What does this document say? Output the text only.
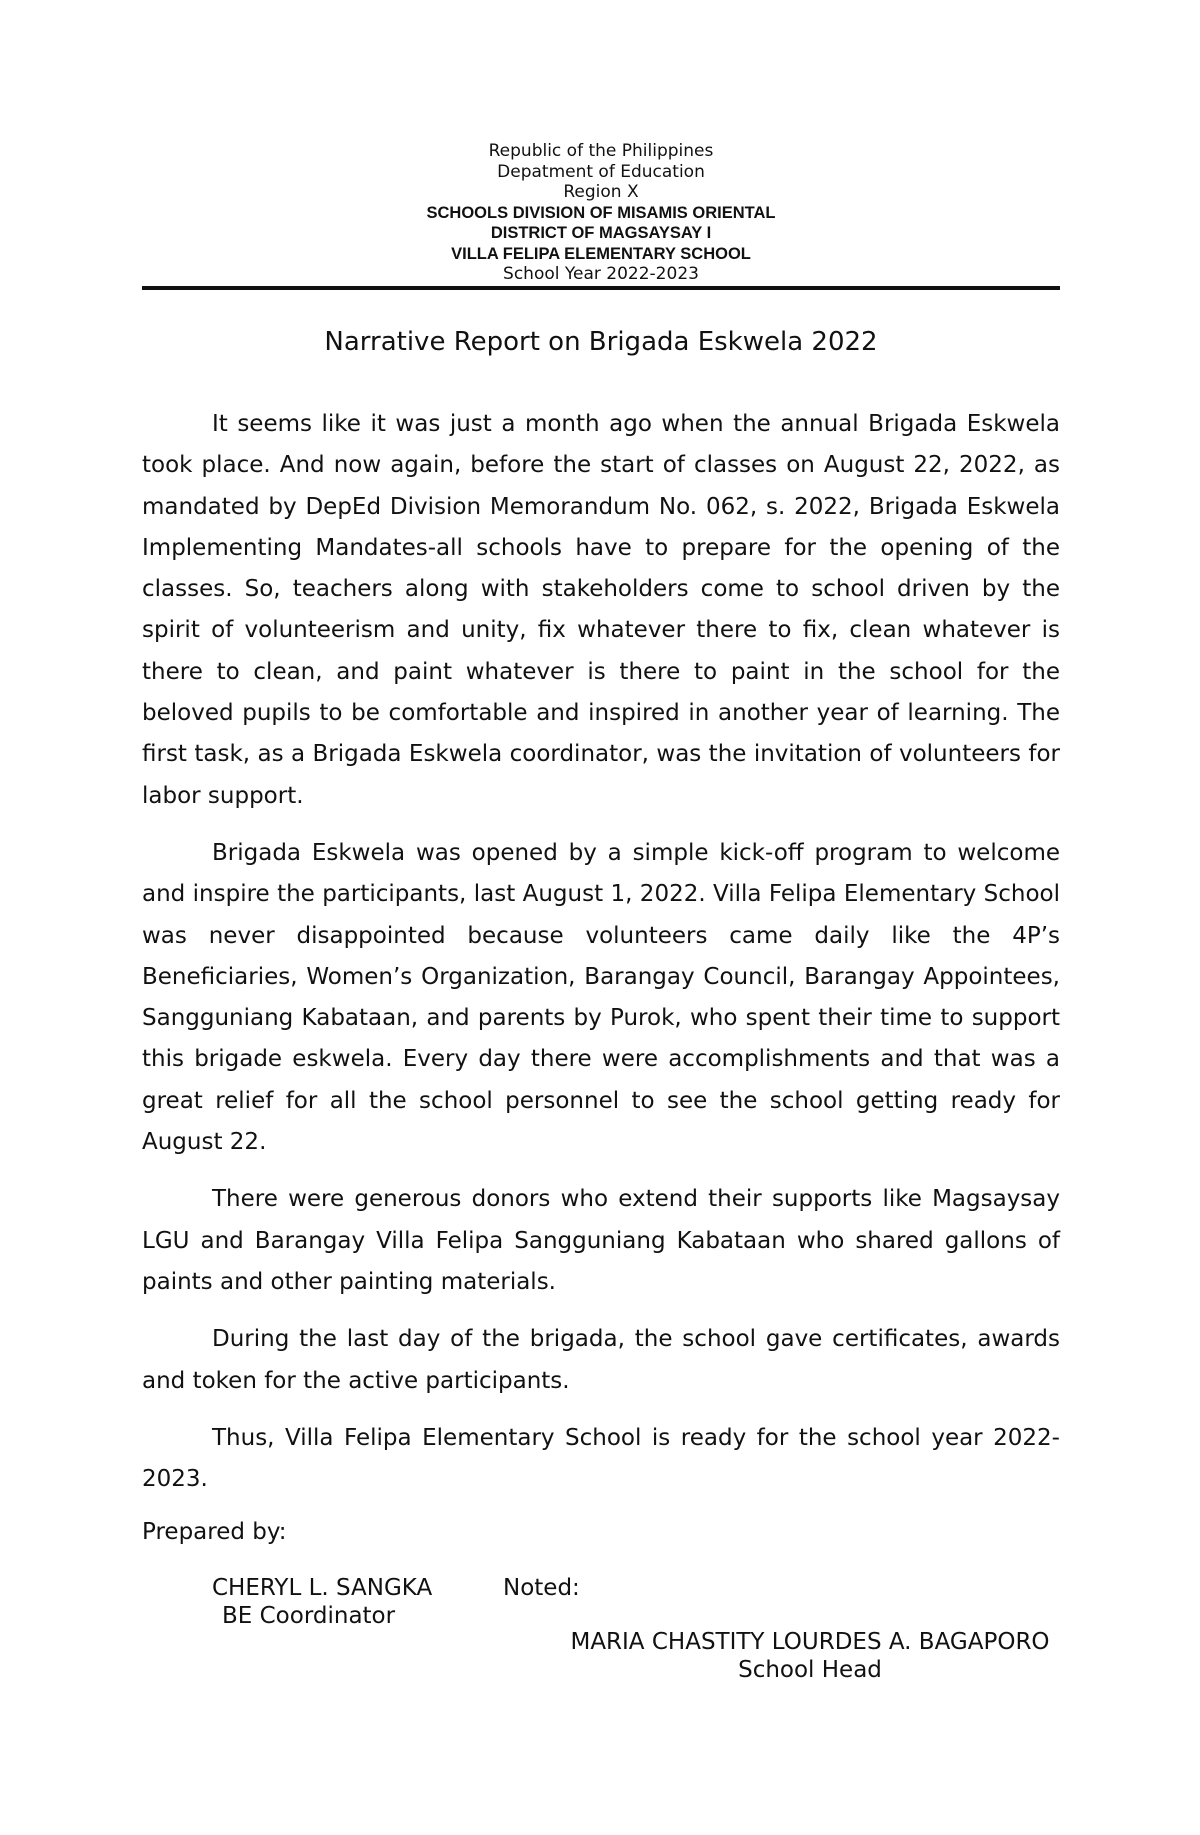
Republic of the Philippines
Depatment of Education
Region X
SCHOOLS DIVISION OF MISAMIS ORIENTAL
DISTRICT OF MAGSAYSAY I
VILLA FELIPA ELEMENTARY SCHOOL
School Year 2022-2023
Narrative Report on Brigada Eskwela 2022

It seems like it was just a month ago when the annual Brigada Eskwela took place. And now again, before the start of classes on August 22, 2022, as mandated by DepEd Division Memorandum No. 062, s. 2022, Brigada Eskwela Implementing Mandates-all schools have to prepare for the opening of the classes. So, teachers along with stakeholders come to school driven by the spirit of volunteerism and unity, fix whatever there to fix, clean whatever is there to clean, and paint whatever is there to paint in the school for the beloved pupils to be comfortable and inspired in another year of learning. The first task, as a Brigada Eskwela coordinator, was the invitation of volunteers for labor support.

Brigada Eskwela was opened by a simple kick-off program to welcome and inspire the participants, last August 1, 2022. Villa Felipa Elementary School was never disappointed because volunteers came daily like the 4P’s Beneficiaries, Women’s Organization, Barangay Council, Barangay Appointees, Sangguniang Kabataan, and parents by Purok, who spent their time to support this brigade eskwela. Every day there were accomplishments and that was a great relief for all the school personnel to see the school getting ready for August 22.

There were generous donors who extend their supports like Magsaysay LGU and Barangay Villa Felipa Sangguniang Kabataan who shared gallons of paints and other painting materials.

During the last day of the brigada, the school gave certificates, awards and token for the active participants.

Thus, Villa Felipa Elementary School is ready for the school year 2022-2023.

Prepared by:
CHERYL L. SANGKA
BE Coordinator
Noted:
MARIA CHASTITY LOURDES A. BAGAPORO
School Head
